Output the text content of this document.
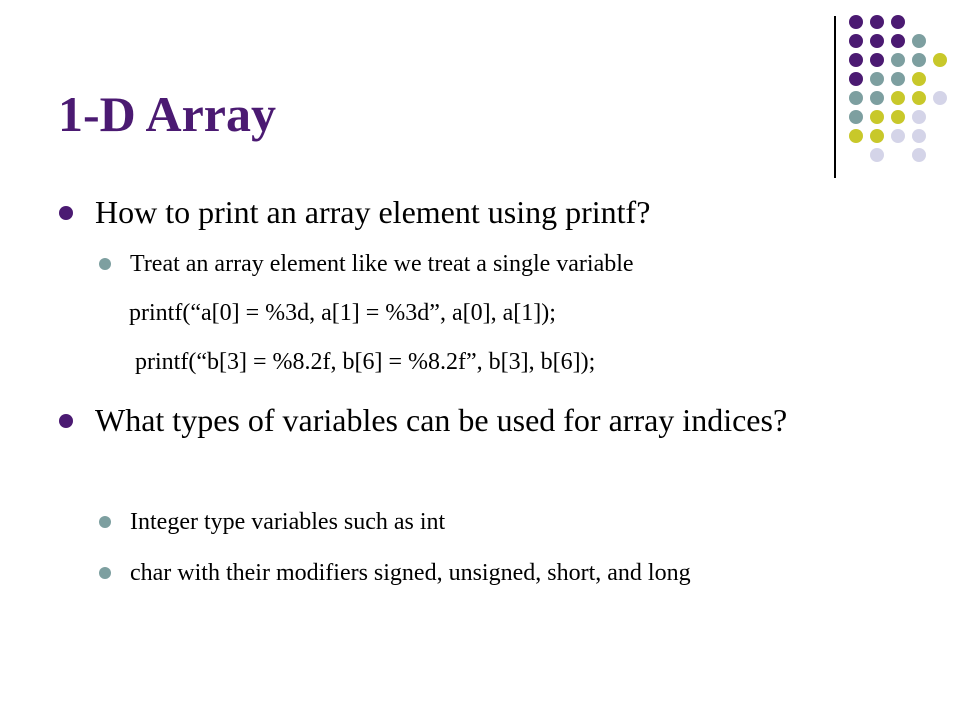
1-D Array
How to print an array element using printf?
Treat an array element like we treat a single variable
printf(“a[0] = %3d, a[1] = %3d”, a[0], a[1]);
printf(“b[3] = %8.2f, b[6] = %8.2f”, b[3], b[6]);
What types of variables can be used for array indices?
Integer type variables such as int
char with their modifiers signed, unsigned, short, and long
